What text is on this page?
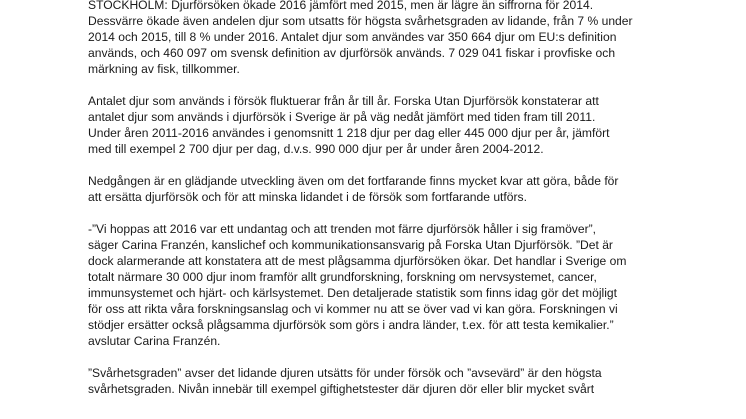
STOCKHOLM: Djurförsöken ökade 2016 jämfört med 2015, men är lägre än siffrorna för 2014.
Dessvärre ökade även andelen djur som utsatts för högsta svårhetsgraden av lidande, från 7 % under
2014 och 2015, till 8 % under 2016. Antalet djur som användes var 350 664 djur om EU:s definition
används, och 460 097 om svensk definition av djurförsök används. 7 029 041 fiskar i provfiske och
märkning av fisk, tillkommer.

Antalet djur som används i försök fluktuerar från år till år. Forska Utan Djurförsök konstaterar att
antalet djur som används i djurförsök i Sverige är på väg nedåt jämfört med tiden fram till 2011.
Under åren 2011-2016 användes i genomsnitt 1 218 djur per dag eller 445 000 djur per år, jämfört
med till exempel 2 700 djur per dag, d.v.s. 990 000 djur per år under åren 2004-2012.

Nedgången är en glädjande utveckling även om det fortfarande finns mycket kvar att göra, både för
att ersätta djurförsök och för att minska lidandet i de försök som fortfarande utförs.

-”Vi hoppas att 2016 var ett undantag och att trenden mot färre djurförsök håller i sig framöver”,
säger Carina Franzén, kanslichef och kommunikationsansvarig på Forska Utan Djurförsök. ”Det är
dock alarmerande att konstatera att de mest plågsamma djurförsöken ökar. Det handlar i Sverige om
totalt närmare 30 000 djur inom framför allt grundforskning, forskning om nervsystemet, cancer,
immunsystemet och hjärt- och kärlsystemet. Den detaljerade statistik som finns idag gör det möjligt
för oss att rikta våra forskningsanslag och vi kommer nu att se över vad vi kan göra. Forskningen vi
stödjer ersätter också plågsamma djurförsök som görs i andra länder, t.ex. för att testa kemikalier.”
avslutar Carina Franzén.

”Svårhetsgraden” avser det lidande djuren utsätts för under försök och ”avsevärd” är den högsta
svårhetsgraden. Nivån innebär till exempel giftighetstester där djuren dör eller blir mycket svårt
